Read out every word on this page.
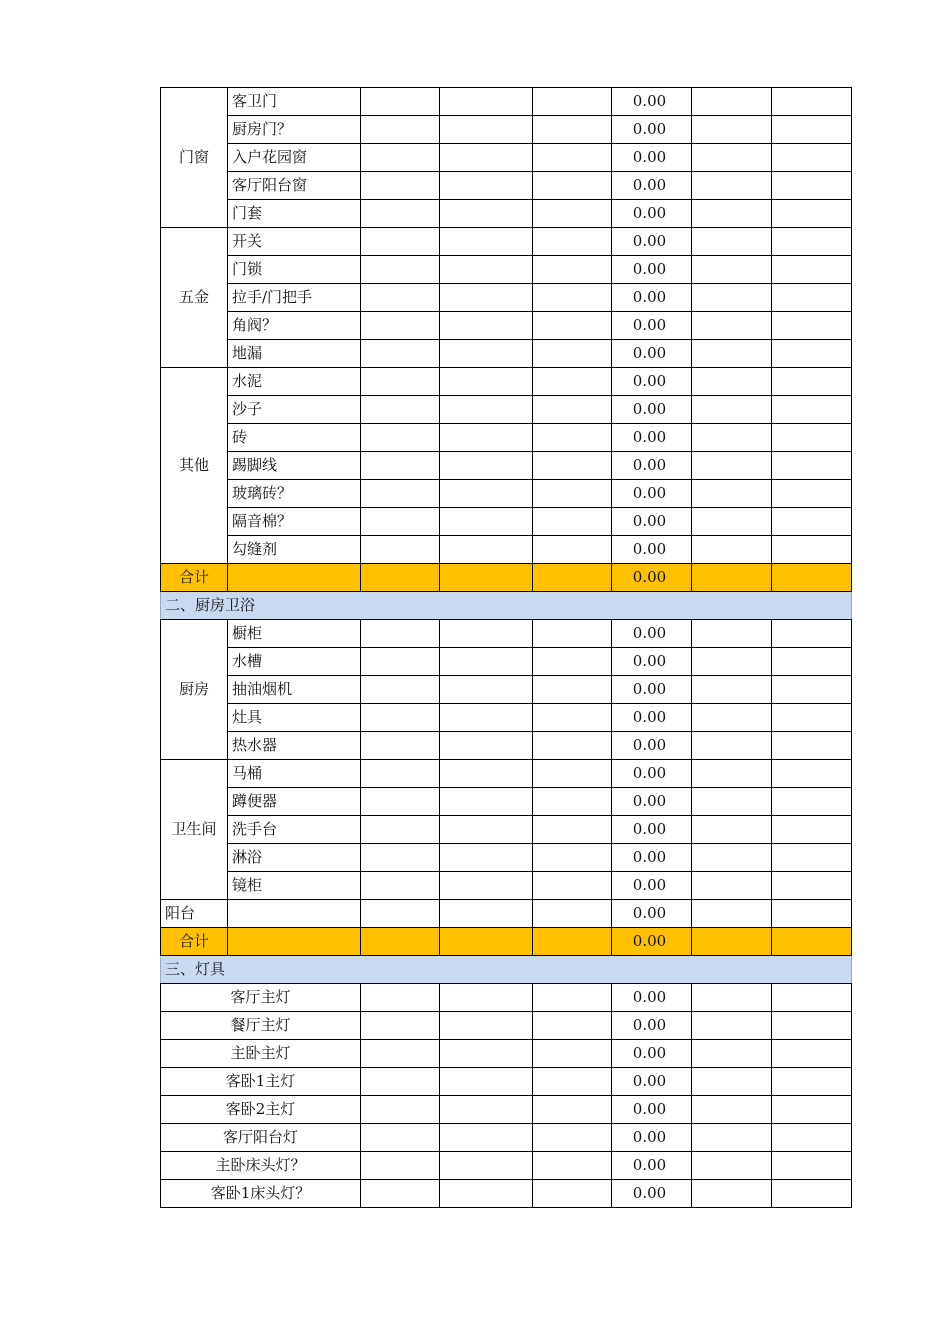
门窗	客卫门				0.00		
	厨房门？				0.00		
	入户花园窗				0.00		
	客厅阳台窗				0.00		
	门套				0.00		
五金	开关				0.00		
	门锁				0.00		
	拉手/门把手				0.00		
	角阀？				0.00		
	地漏				0.00		
其他	水泥				0.00		
	沙子				0.00		
	砖				0.00		
	踢脚线				0.00		
	玻璃砖？				0.00		
	隔音棉？				0.00		
	勾缝剂				0.00		
合计					0.00		
二、厨房卫浴							
厨房	橱柜				0.00		
	水槽				0.00		
	抽油烟机				0.00		
	灶具				0.00		
	热水器				0.00		
卫生间	马桶				0.00		
	蹲便器				0.00		
	洗手台				0.00		
	淋浴				0.00		
	镜柜				0.00		
阳台					0.00		
合计					0.00		
三、灯具							
客厅主灯					0.00		
餐厅主灯					0.00		
主卧主灯					0.00		
客卧1主灯					0.00		
客卧2主灯					0.00		
客厅阳台灯					0.00		
主卧床头灯？					0.00		
客卧1床头灯？					0.00		
